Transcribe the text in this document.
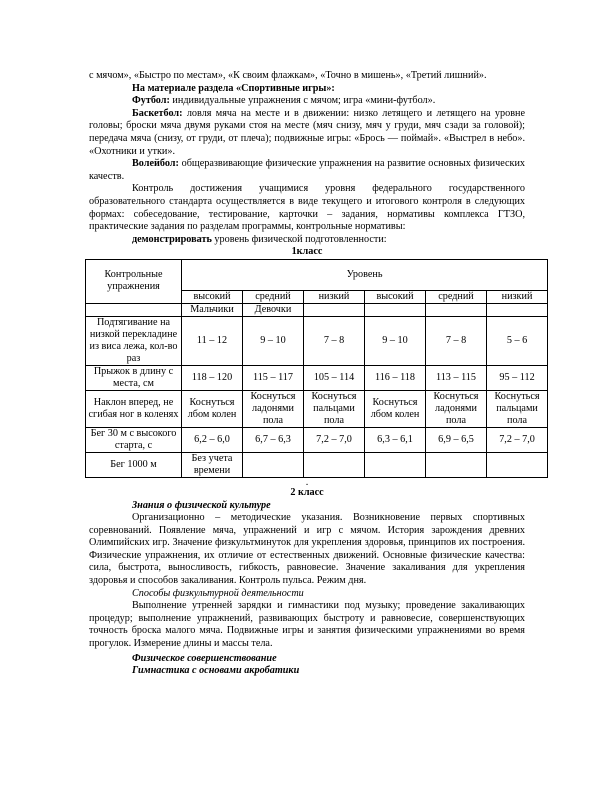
с мячом», «Быстро по местам», «К своим флажкам», «Точно в мишень», «Третий лишний».

На материале раздела «Спортивные игры»:

Футбол: индивидуальные упражнения с мячом; игра «мини-футбол».

Баскетбол: ловля мяча на месте и в движении: низко летящего и летящего на уровне головы; броски мяча двумя руками стоя на месте (мяч снизу, мяч у груди, мяч сзади за головой); передача мяча (снизу, от груди, от плеча); подвижные игры: «Брось — поймай». «Выстрел в небо». «Охотники и утки».

Волейбол: общеразвивающие физические упражнения на развитие основных физических качеств.

Контроль достижения учащимися уровня федерального государственного образовательного стандарта осуществляется в виде текущего и итогового контроля в следующих формах: собеседование, тестирование, карточки – задания, нормативы комплекса ГТЗО, практические задания по разделам программы, контрольные нормативы:

демонстрировать уровень физической подготовленности:

1класс

Контрольные упражнения	Уровень					
	высокий	средний	низкий	высокий	средний	низкий
	Мальчики	Девочки				
Подтягивание на низкой перекладине из виса лежа, кол-во раз	11 – 12	9 – 10	7 – 8	9 – 10	7 – 8	5 – 6
Прыжок в длину с места, см	118 – 120	115 – 117	105 – 114	116 – 118	113 – 115	95 – 112
Наклон вперед, не сгибая ног в коленях	Коснуться лбом колен	Коснуться ладонями пола	Коснуться пальцами пола	Коснуться лбом колен	Коснуться ладонями пола	Коснуться пальцами пола
Бег 30 м с высокого старта, с	6,2 – 6,0	6,7 – 6,3	7,2 – 7,0	6,3 – 6,1	6,9 – 6,5	7,2 – 7,0
Бег 1000 м	Без учета времени					
.

2 класс

Знания о физической культуре

Организационно – методические указания. Возникновение первых спортивных соревнований. Появление мяча, упражнений и игр с мячом. История зарождения древних Олимпийских игр. Значение физкультминуток для укрепления здоровья, принципов их построения. Физические упражнения, их отличие от естественных движений. Основные физические качества: сила, быстрота, выносливость, гибкость, равновесие. Значение закаливания для укрепления здоровья и способов закаливания. Контроль пульса. Режим дня.

Способы физкультурной деятельности

Выполнение утренней зарядки и гимнастики под музыку; проведение закаливающих процедур; выполнение упражнений, развивающих быстроту и равновесие, совершенствующих точность броска малого мяча. Подвижные игры и занятия физическими упражнениями во время прогулок. Измерение длины и массы тела.

Физическое совершенствование

Гимнастика с основами акробатики
